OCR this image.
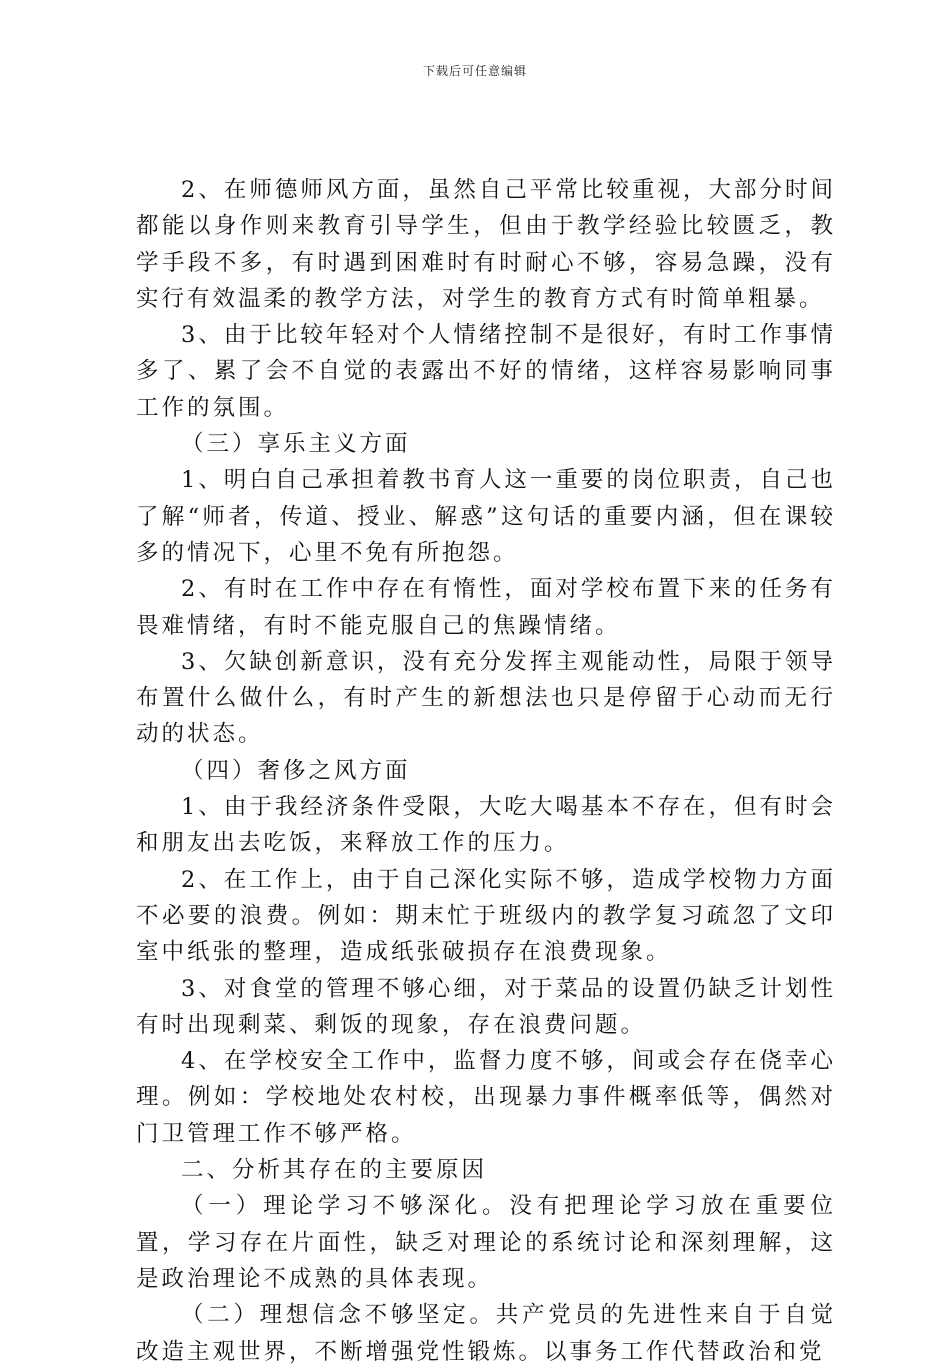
下载后可任意编辑

2、在师德师风方面，虽然自己平常比较重视，大部分时间都能以身作则来教育引导学生，但由于教学经验比较匮乏，教学手段不多，有时遇到困难时有时耐心不够，容易急躁，没有实行有效温柔的教学方法，对学生的教育方式有时简单粗暴。

3、由于比较年轻对个人情绪控制不是很好，有时工作事情多了、累了会不自觉的表露出不好的情绪，这样容易影响同事工作的氛围。

（三）享乐主义方面

1、明白自己承担着教书育人这一重要的岗位职责，自己也了解“师者，传道、授业、解惑”这句话的重要内涵，但在课较多的情况下，心里不免有所抱怨。

2、有时在工作中存在有惰性，面对学校布置下来的任务有畏难情绪，有时不能克服自己的焦躁情绪。

3、欠缺创新意识，没有充分发挥主观能动性，局限于领导布置什么做什么，有时产生的新想法也只是停留于心动而无行动的状态。

（四）奢侈之风方面

1、由于我经济条件受限，大吃大喝基本不存在，但有时会和朋友出去吃饭，来释放工作的压力。

2、在工作上，由于自己深化实际不够，造成学校物力方面不必要的浪费。例如：期末忙于班级内的教学复习疏忽了文印室中纸张的整理，造成纸张破损存在浪费现象。

3、对食堂的管理不够心细，对于菜品的设置仍缺乏计划性有时出现剩菜、剩饭的现象，存在浪费问题。

4、在学校安全工作中，监督力度不够，间或会存在侥幸心理。例如：学校地处农村校，出现暴力事件概率低等，偶然对门卫管理工作不够严格。

二、分析其存在的主要原因

（一）理论学习不够深化。没有把理论学习放在重要位置，学习存在片面性，缺乏对理论的系统讨论和深刻理解，这是政治理论不成熟的具体表现。

（二）理想信念不够坚定。共产党员的先进性来自于自觉改造主观世界，不断增强党性锻炼。以事务工作代替政治和党
